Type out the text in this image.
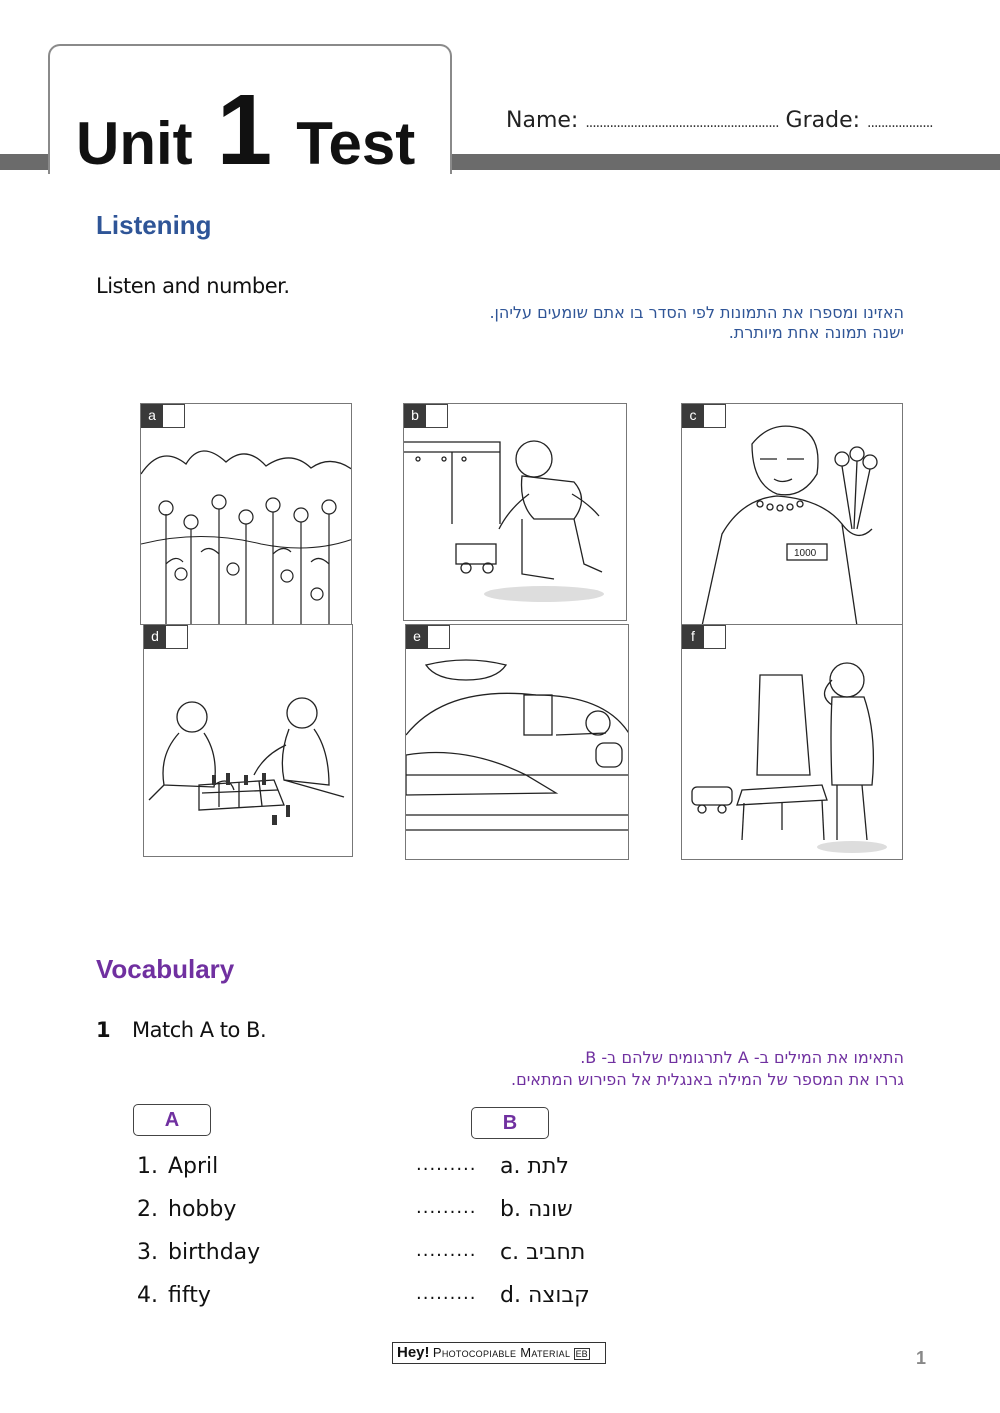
Unit 1 Test	Name: ........................................................ Grade: ...................
Listening
Listen and number.
האזינו ומספרו את התמונות לפי הסדר בו אתם שומעים עליהן.
ישנה תמונה אחת מיותרת.
a	b
1000
c
d	e	f
Vocabulary
1 Match A to B.
התאימו את המילים ב- A לתרגומים שלהם ב- B.
גררו את המספר של המילה באנגלית אל הפירוש המתאים.
A	B
1. April	......... a. לתת
2. hobby	......... b. שונה
3. birthday	......... c. תחביב
4. fifty	......... d. קבוצה
Hey! Photocopiable Material EB	1
